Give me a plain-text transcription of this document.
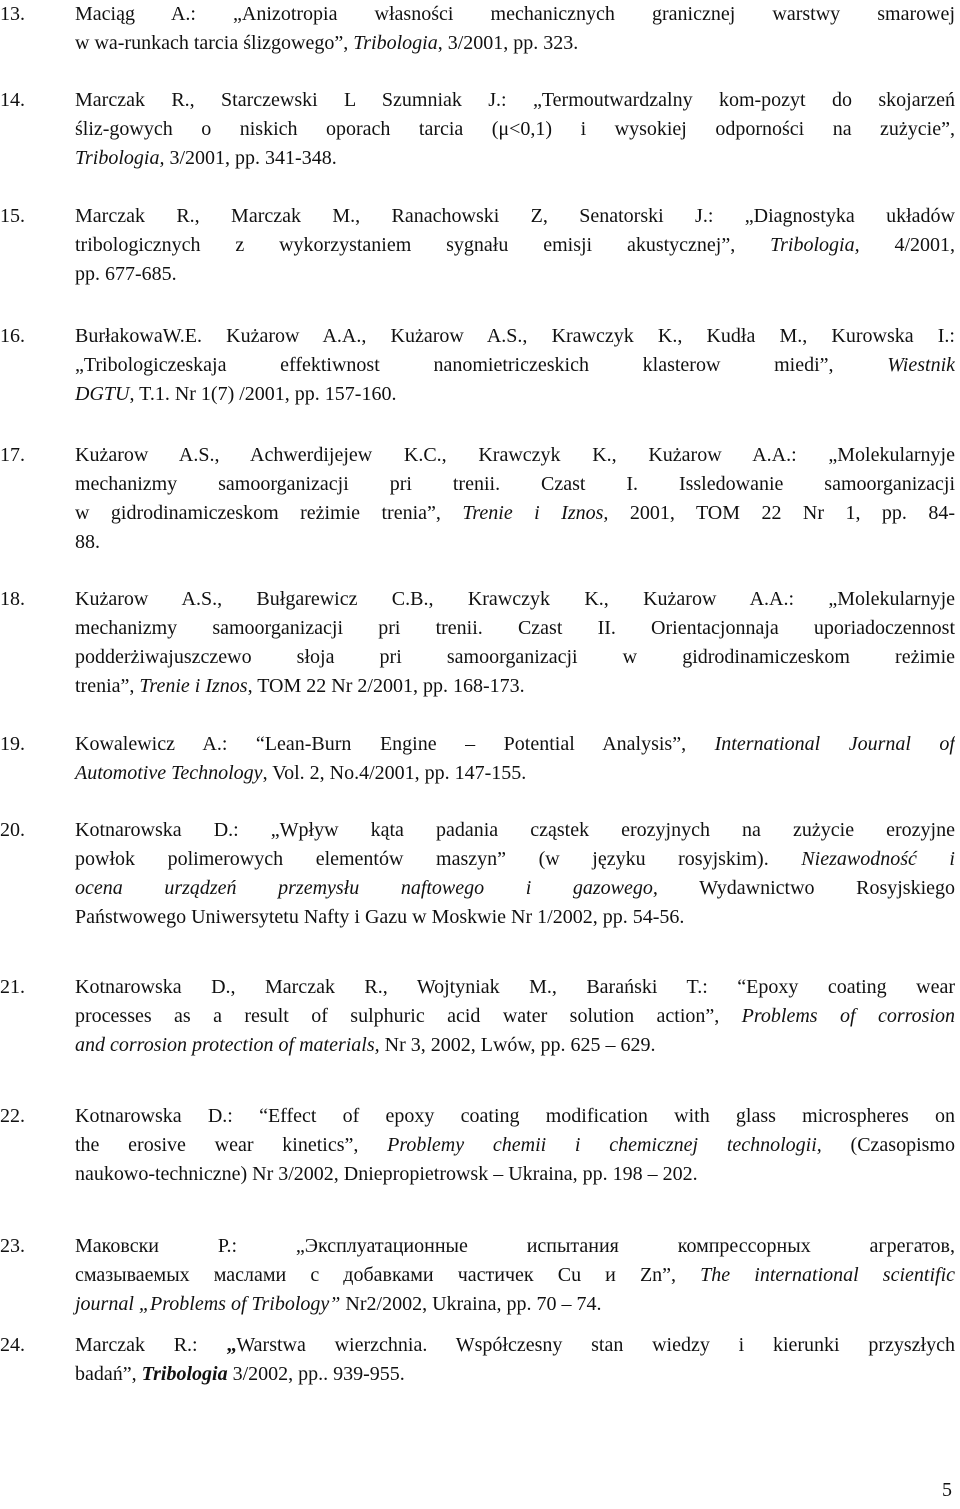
13.	Maciąg A.: „Anizotropia własności mechanicznych granicznej warstwy smarowej
w wa-runkach tarcia ślizgowego”, Tribologia, 3/2001, pp. 323.
14.	Marczak R., Starczewski L Szumniak J.: „Termoutwardzalny kom-pozyt do skojarzeń
śliz-gowych o niskich oporach tarcia (μ<0,1) i wysokiej odporności na zużycie”,
Tribologia, 3/2001, pp. 341-348.
15.	Marczak R., Marczak M., Ranachowski Z, Senatorski J.: „Diagnostyka układów
tribologicznych z wykorzystaniem sygnału emisji akustycznej”, Tribologia, 4/2001,
pp. 677-685.
16.	BurłakowaW.E. Kużarow A.A., Kużarow A.S., Krawczyk K., Kudła M., Kurowska I.:
„Tribologiczeskaja effektiwnost nanomietriczeskich klasterow miedi”, Wiestnik
DGTU, T.1. Nr 1(7) /2001, pp. 157-160.
17.	Kużarow A.S., Achwerdijejew K.C., Krawczyk K., Kużarow A.A.: „Molekularnyje
mechanizmy samoorganizacji pri trenii. Czast I. Issledowanie samoorganizacji
w gidrodinamiczeskom reżimie trenia”, Trenie i Iznos, 2001, TOM 22 Nr 1, pp. 84-
88.
18.	Kużarow A.S., Bułgarewicz C.B., Krawczyk K., Kużarow A.A.: „Molekularnyje
mechanizmy samoorganizacji pri trenii. Czast II. Orientacjonnaja uporiadoczennost
podderżiwajuszczewo słoja pri samoorganizacji w gidrodinamiczeskom reżimie
trenia”, Trenie i Iznos, TOM 22 Nr 2/2001, pp. 168-173.
19.	Kowalewicz A.: “Lean-Burn Engine – Potential Analysis”, International Journal of
Automotive Technology, Vol. 2, No.4/2001, pp. 147-155.
20.	Kotnarowska D.: „Wpływ kąta padania cząstek erozyjnych na zużycie erozyjne
powłok polimerowych elementów maszyn” (w języku rosyjskim). Niezawodność i
ocena urządzeń przemysłu naftowego i gazowego, Wydawnictwo Rosyjskiego
Państwowego Uniwersytetu Nafty i Gazu w Moskwie Nr 1/2002, pp. 54-56.
21.	Kotnarowska D., Marczak R., Wojtyniak M., Barański T.: “Epoxy coating wear
processes as a result of sulphuric acid water solution action”, Problems of corrosion
and corrosion protection of materials, Nr 3, 2002, Lwów, pp. 625 – 629.
22.	Kotnarowska D.: “Effect of epoxy coating modification with glass microspheres on
the erosive wear kinetics”, Problemy chemii i chemicznej technologii, (Czasopismo
naukowo-techniczne) Nr 3/2002, Dniepropietrowsk – Ukraina, pp. 198 – 202.
23.	Маковски Р.: „Эксплуатационные испытания компрессорных агрегатов,
смазываемых маслами с добавками частичек Cu и Zn”, The international scientific
journal „Problems of Tribology” Nr2/2002, Ukraina, pp. 70 – 74.
24.	Marczak R.: „Warstwa wierzchnia. Współczesny stan wiedzy i kierunki przyszłych
badań”, Tribologia 3/2002, pp.. 939-955.
5
